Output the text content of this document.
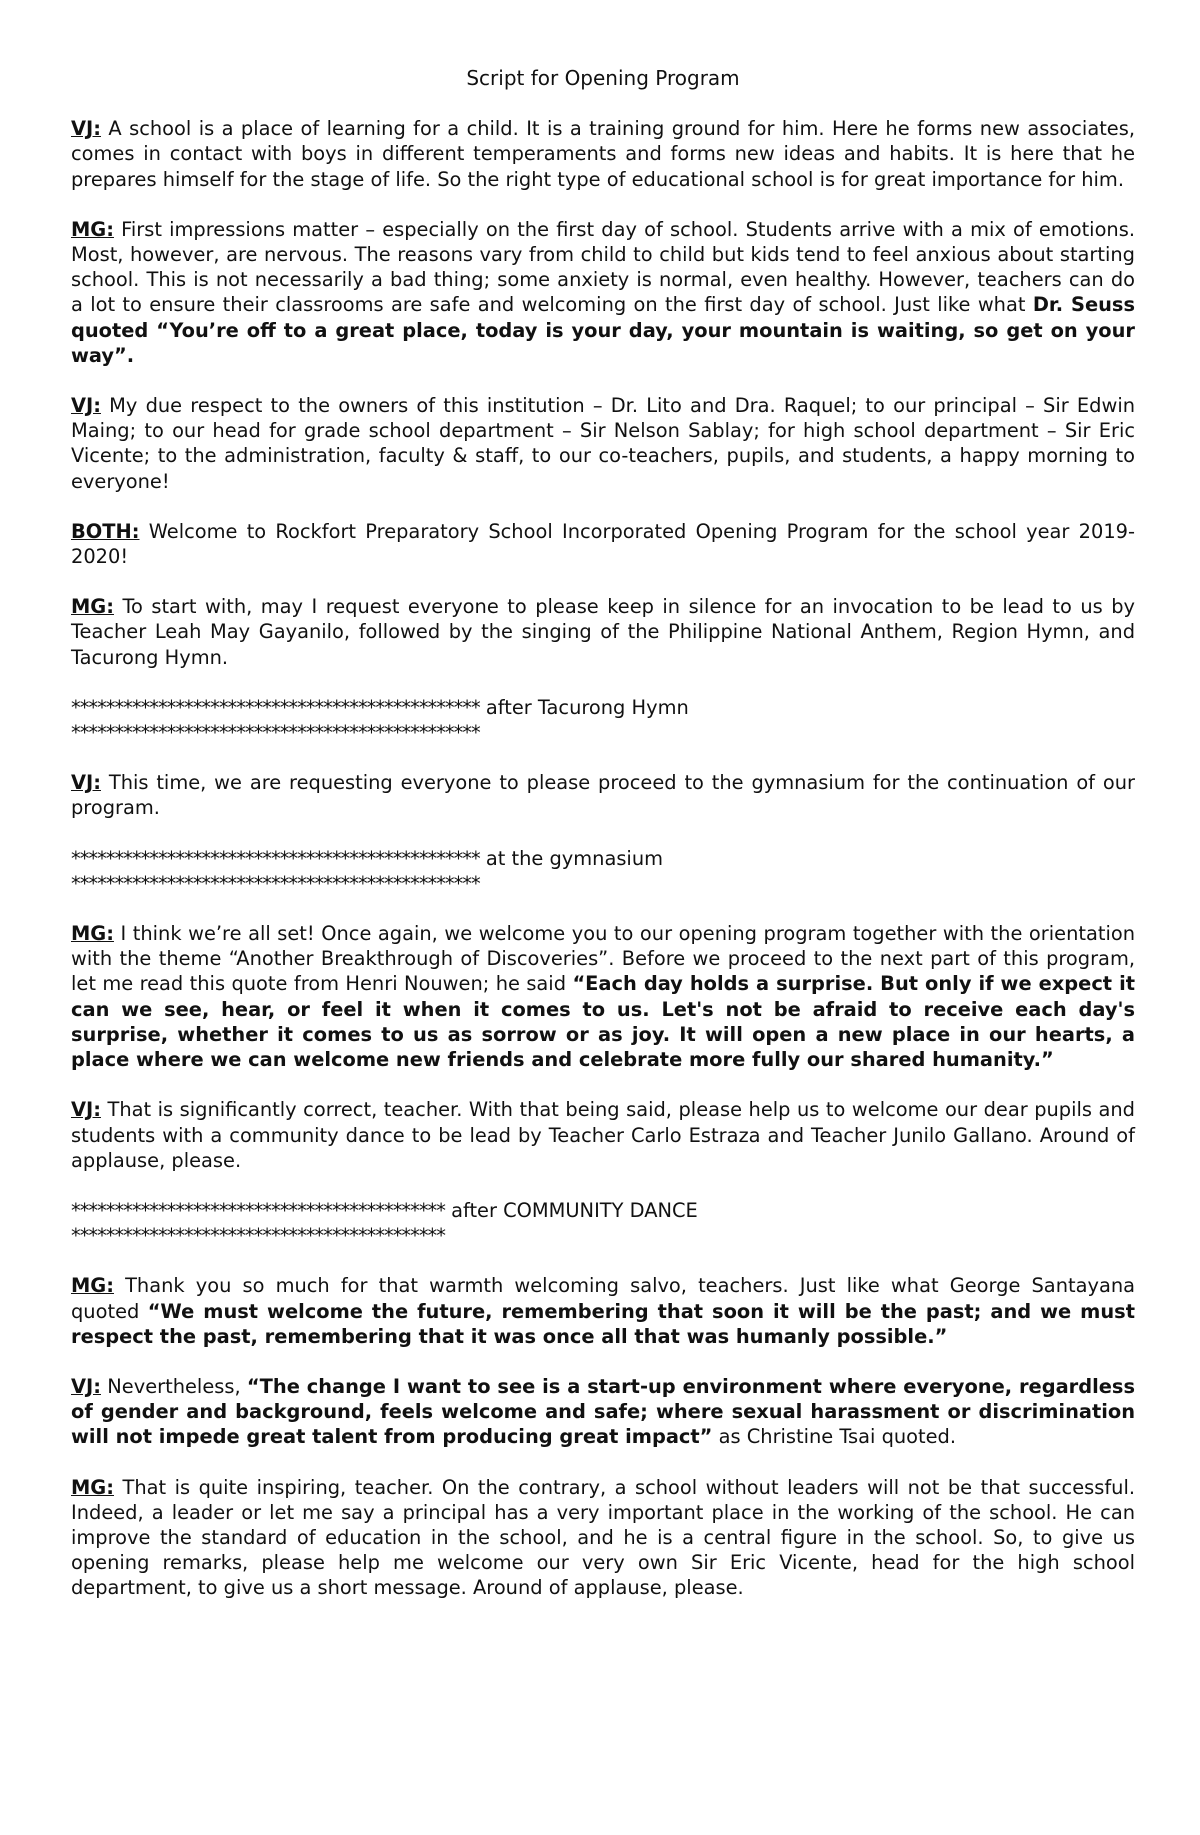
Script for Opening Program

VJ: A school is a place of learning for a child. It is a training ground for him. Here he forms new associates, comes in contact with boys in different temperaments and forms new ideas and habits. It is here that he prepares himself for the stage of life. So the right type of educational school is for great importance for him.

MG: First impressions matter – especially on the first day of school. Students arrive with a mix of emotions. Most, however, are nervous. The reasons vary from child to child but kids tend to feel anxious about starting school. This is not necessarily a bad thing; some anxiety is normal, even healthy. However, teachers can do a lot to ensure their classrooms are safe and welcoming on the first day of school. Just like what Dr. Seuss quoted “You’re off to a great place, today is your day, your mountain is waiting, so get on your way”.

VJ: My due respect to the owners of this institution – Dr. Lito and Dra. Raquel; to our principal – Sir Edwin Maing; to our head for grade school department – Sir Nelson Sablay; for high school department – Sir Eric Vicente; to the administration, faculty & staff, to our co-teachers, pupils, and students, a happy morning to everyone!

BOTH: Welcome to Rockfort Preparatory School Incorporated Opening Program for the school year 2019-2020!

MG: To start with, may I request everyone to please keep in silence for an invocation to be lead to us by Teacher Leah May Gayanilo, followed by the singing of the Philippine National Anthem, Region Hymn, and Tacurong Hymn.

*********************************************** after Tacurong Hymn
***********************************************

VJ: This time, we are requesting everyone to please proceed to the gymnasium for the continuation of our program.

*********************************************** at the gymnasium
***********************************************

MG: I think we’re all set! Once again, we welcome you to our opening program together with the orientation with the theme “Another Breakthrough of Discoveries”. Before we proceed to the next part of this program, let me read this quote from Henri Nouwen; he said “Each day holds a surprise. But only if we expect it can we see, hear, or feel it when it comes to us. Let's not be afraid to receive each day's surprise, whether it comes to us as sorrow or as joy. It will open a new place in our hearts, a place where we can welcome new friends and celebrate more fully our shared humanity.”

VJ: That is significantly correct, teacher. With that being said, please help us to welcome our dear pupils and students with a community dance to be lead by Teacher Carlo Estraza and Teacher Junilo Gallano. Around of applause, please.

******************************************* after COMMUNITY DANCE
*******************************************

MG: Thank you so much for that warmth welcoming salvo, teachers. Just like what George Santayana quoted “We must welcome the future, remembering that soon it will be the past; and we must respect the past, remembering that it was once all that was humanly possible.”

VJ: Nevertheless, “The change I want to see is a start-up environment where everyone, regardless of gender and background, feels welcome and safe; where sexual harassment or discrimination will not impede great talent from producing great impact” as Christine Tsai quoted.

MG: That is quite inspiring, teacher. On the contrary, a school without leaders will not be that successful. Indeed, a leader or let me say a principal has a very important place in the working of the school. He can improve the standard of education in the school, and he is a central figure in the school. So, to give us opening remarks, please help me welcome our very own Sir Eric Vicente, head for the high school department, to give us a short message. Around of applause, please.
